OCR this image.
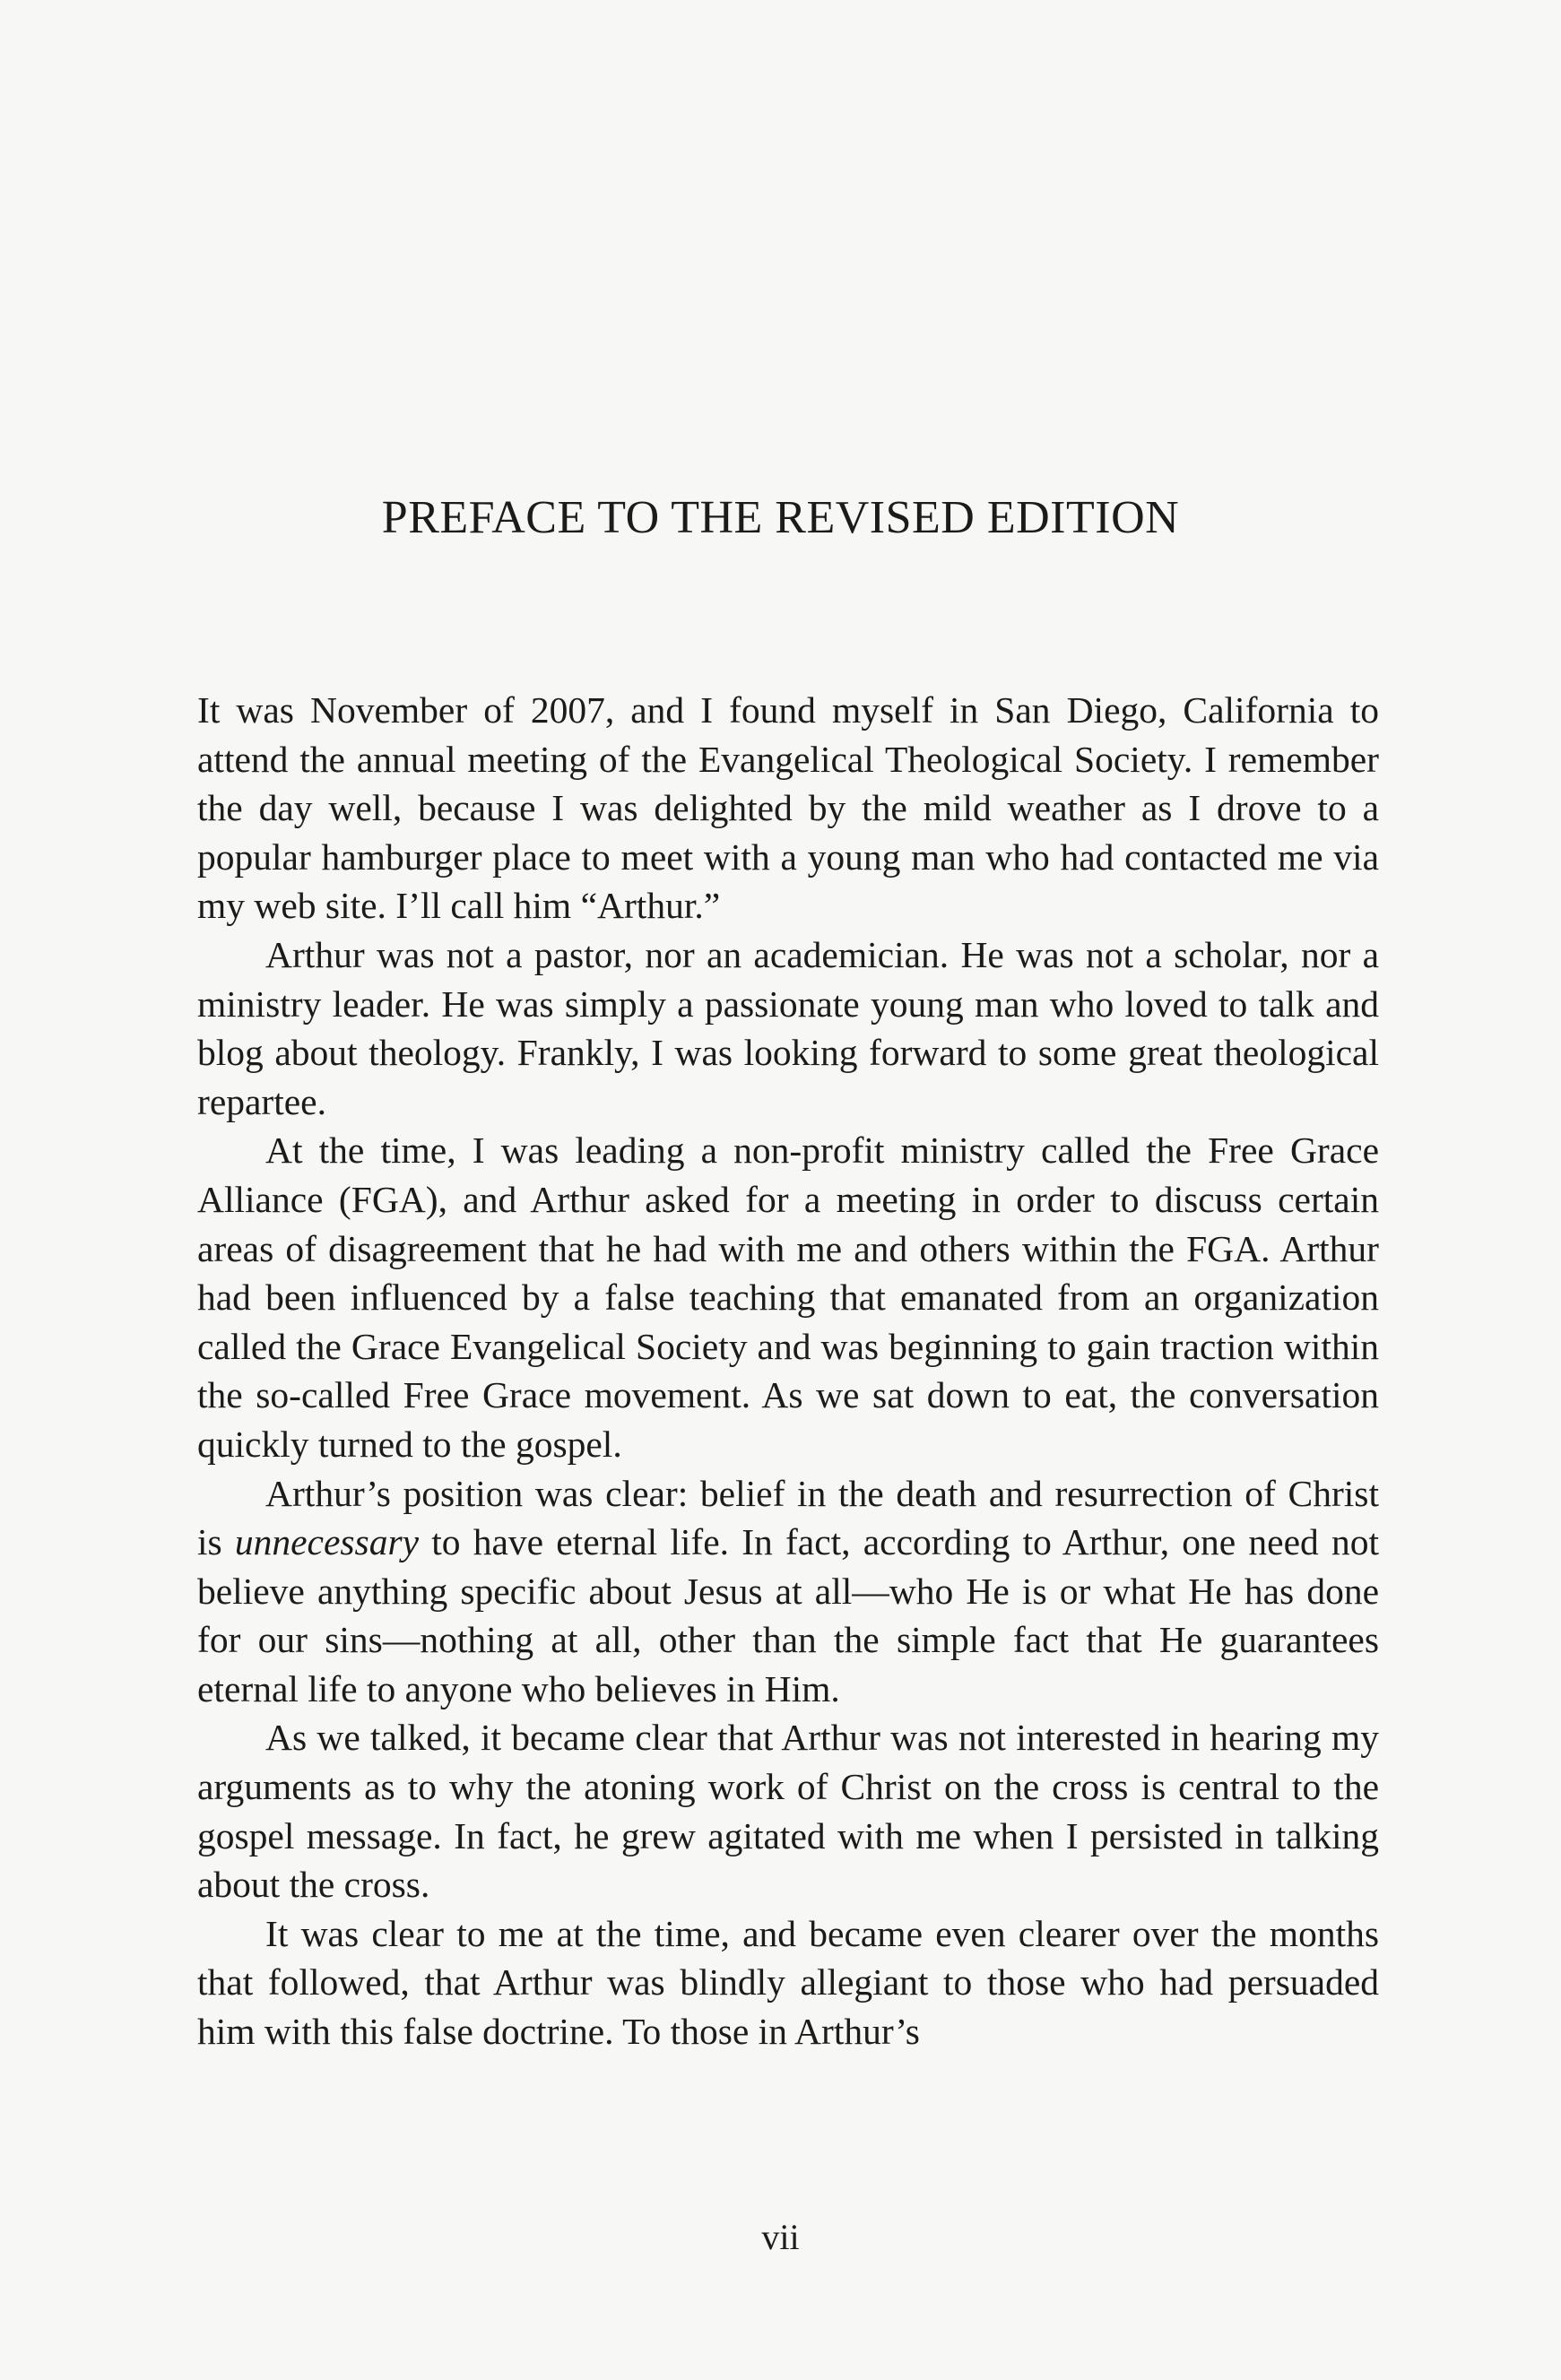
PREFACE TO THE REVISED EDITION

It was November of 2007, and I found myself in San Diego, California to attend the annual meeting of the Evangelical Theological Society. I remember the day well, because I was delighted by the mild weather as I drove to a popular hamburger place to meet with a young man who had contacted me via my web site. I’ll call him “Arthur.”

Arthur was not a pastor, nor an academician. He was not a scholar, nor a ministry leader. He was simply a passionate young man who loved to talk and blog about theology. Frankly, I was looking forward to some great theological repartee.

At the time, I was leading a non-profit ministry called the Free Grace Alliance (FGA), and Arthur asked for a meeting in order to discuss certain areas of disagreement that he had with me and others within the FGA. Arthur had been influenced by a false teaching that emanated from an organization called the Grace Evangelical Society and was beginning to gain traction within the so-called Free Grace movement. As we sat down to eat, the conversation quickly turned to the gospel.

Arthur’s position was clear: belief in the death and resurrection of Christ is unnecessary to have eternal life. In fact, according to Arthur, one need not believe anything specific about Jesus at all—who He is or what He has done for our sins—nothing at all, other than the simple fact that He guarantees eternal life to anyone who believes in Him.

As we talked, it became clear that Arthur was not interested in hearing my arguments as to why the atoning work of Christ on the cross is central to the gospel message. In fact, he grew agitated with me when I persisted in talking about the cross.

It was clear to me at the time, and became even clearer over the months that followed, that Arthur was blindly allegiant to those who had persuaded him with this false doctrine. To those in Arthur’s

vii
